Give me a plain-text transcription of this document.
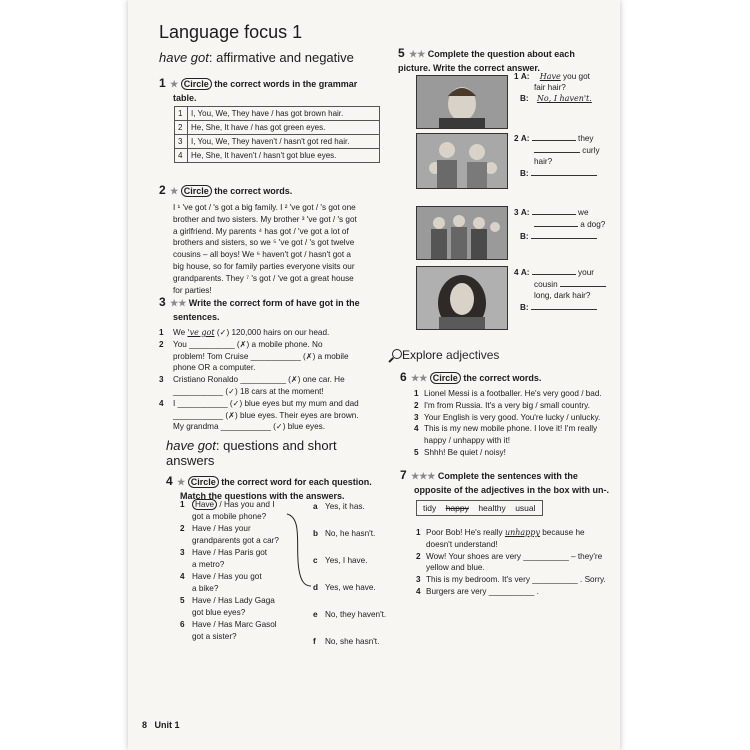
Language focus 1
have got: affirmative and negative
1 ★ Circle the correct words in the grammar
table.
1	I, You, We, They have / has got brown hair.
2	He, She, It have / has got green eyes.
3	I, You, We, They haven't / hasn't got red hair.
4	He, She, It haven't / hasn't got blue eyes.
2 ★ Circle the correct words.
I ¹ 've got / 's got a big family. I ² 've got / 's got one
brother and two sisters. My brother ³ 've got / 's got
a girlfriend. My parents ⁴ has got / 've got a lot of
brothers and sisters, so we ⁵ 've got / 's got twelve
cousins – all boys! We ⁶ haven't got / hasn't got a
big house, so for family parties everyone visits our
grandparents. They ⁷ 's got / 've got a great house
for parties!
3 ★★ Write the correct form of have got in the
sentences.
1 We 've got (✓) 120,000 hairs on our head.
2 You __________ (✗) a mobile phone. No
problem! Tom Cruise ___________ (✗) a mobile
phone OR a computer.
3 Cristiano Ronaldo __________ (✗) one car. He
___________ (✓) 18 cars at the moment!
4 I ___________ (✓) blue eyes but my mum and dad
___________ (✗) blue eyes. Their eyes are brown.
My grandma ___________ (✓) blue eyes.
have got: questions and short
answers
4 ★ Circle the correct word for each question.
Match the questions with the answers.
1 Have / Has you and I
got a mobile phone?
2 Have / Has your
grandparents got a car?
3 Have / Has Paris got
a metro?
4 Have / Has you got
a bike?
5 Have / Has Lady Gaga
got blue eyes?
6 Have / Has Marc Gasol
got a sister?
a Yes, it has.
b No, he hasn't.
c Yes, I have.
d Yes, we have.
e No, they haven't.
f No, she hasn't.
5 ★★ Complete the question about each
picture. Write the correct answer.
1 A: Have you got
fair hair?
B: No, I haven't.
2 A:	they
curly
hair?
B:
3 A:	we
a dog?
B:
4 A:	your
cousin
long, dark hair?
B:
Explore adjectives
6 ★★ Circle the correct words.
1 Lionel Messi is a footballer. He's very good / bad.
2 I'm from Russia. It's a very big / small country.
3 Your English is very good. You're lucky / unlucky.
4 This is my new mobile phone. I love it! I'm really
happy / unhappy with it!
5 Shhh! Be quiet / noisy!
7 ★★★ Complete the sentences with the
opposite of the adjectives in the box with un-.
tidy happy healthy usual
1 Poor Bob! He's really unhappy because he
doesn't understand!
2 Wow! Your shoes are very __________ – they're
yellow and blue.
3 This is my bedroom. It's very __________ . Sorry.
4 Burgers are very __________ .
8 Unit 1
